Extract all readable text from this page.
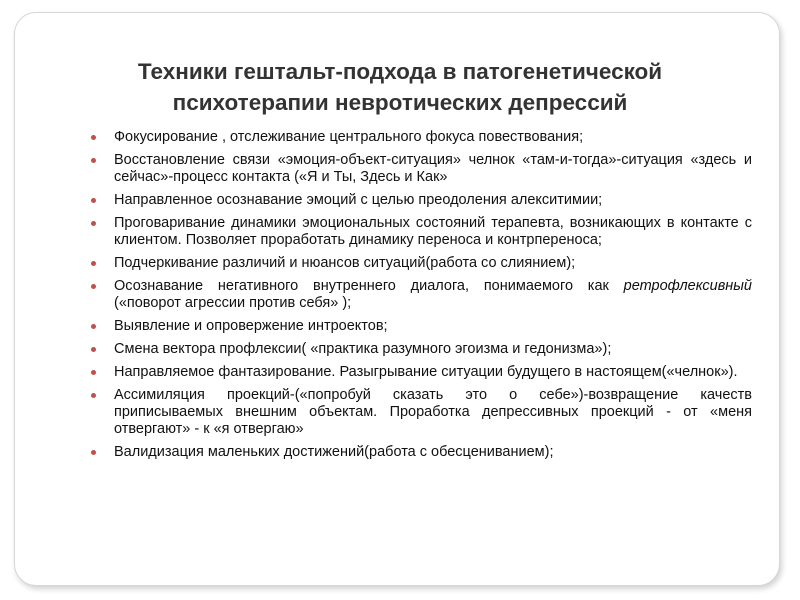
Техники гештальт-подхода в патогенетической
психотерапии невротических депрессий
Фокусирование , отслеживание центрального фокуса повествования;
Восстановление связи «эмоция-объект-ситуация» челнок «там-и-тогда»-ситуация «здесь и сейчас»-процесс контакта («Я и Ты, Здесь и Как»
Направленное осознавание эмоций с целью преодоления алекситимии;
Проговаривание динамики эмоциональных состояний терапевта, возникающих в контакте с клиентом. Позволяет проработать динамику переноса и контрпереноса;
Подчеркивание различий и нюансов ситуаций(работа со слиянием);
Осознавание негативного внутреннего диалога, понимаемого как ретрофлексивный («поворот агрессии против себя» );
Выявление и опровержение интроектов;
Смена вектора профлексии( «практика разумного эгоизма и гедонизма»);
Направляемое фантазирование. Разыгрывание ситуации будущего в настоящем(«челнок»).
Ассимиляция проекций-(«попробуй сказать это о себе»)-возвращение качеств приписываемых внешним объектам. Проработка депрессивных проекций - от «меня отвергают» - к «я отвергаю»
Валидизация маленьких достижений(работа с обесцениванием);
